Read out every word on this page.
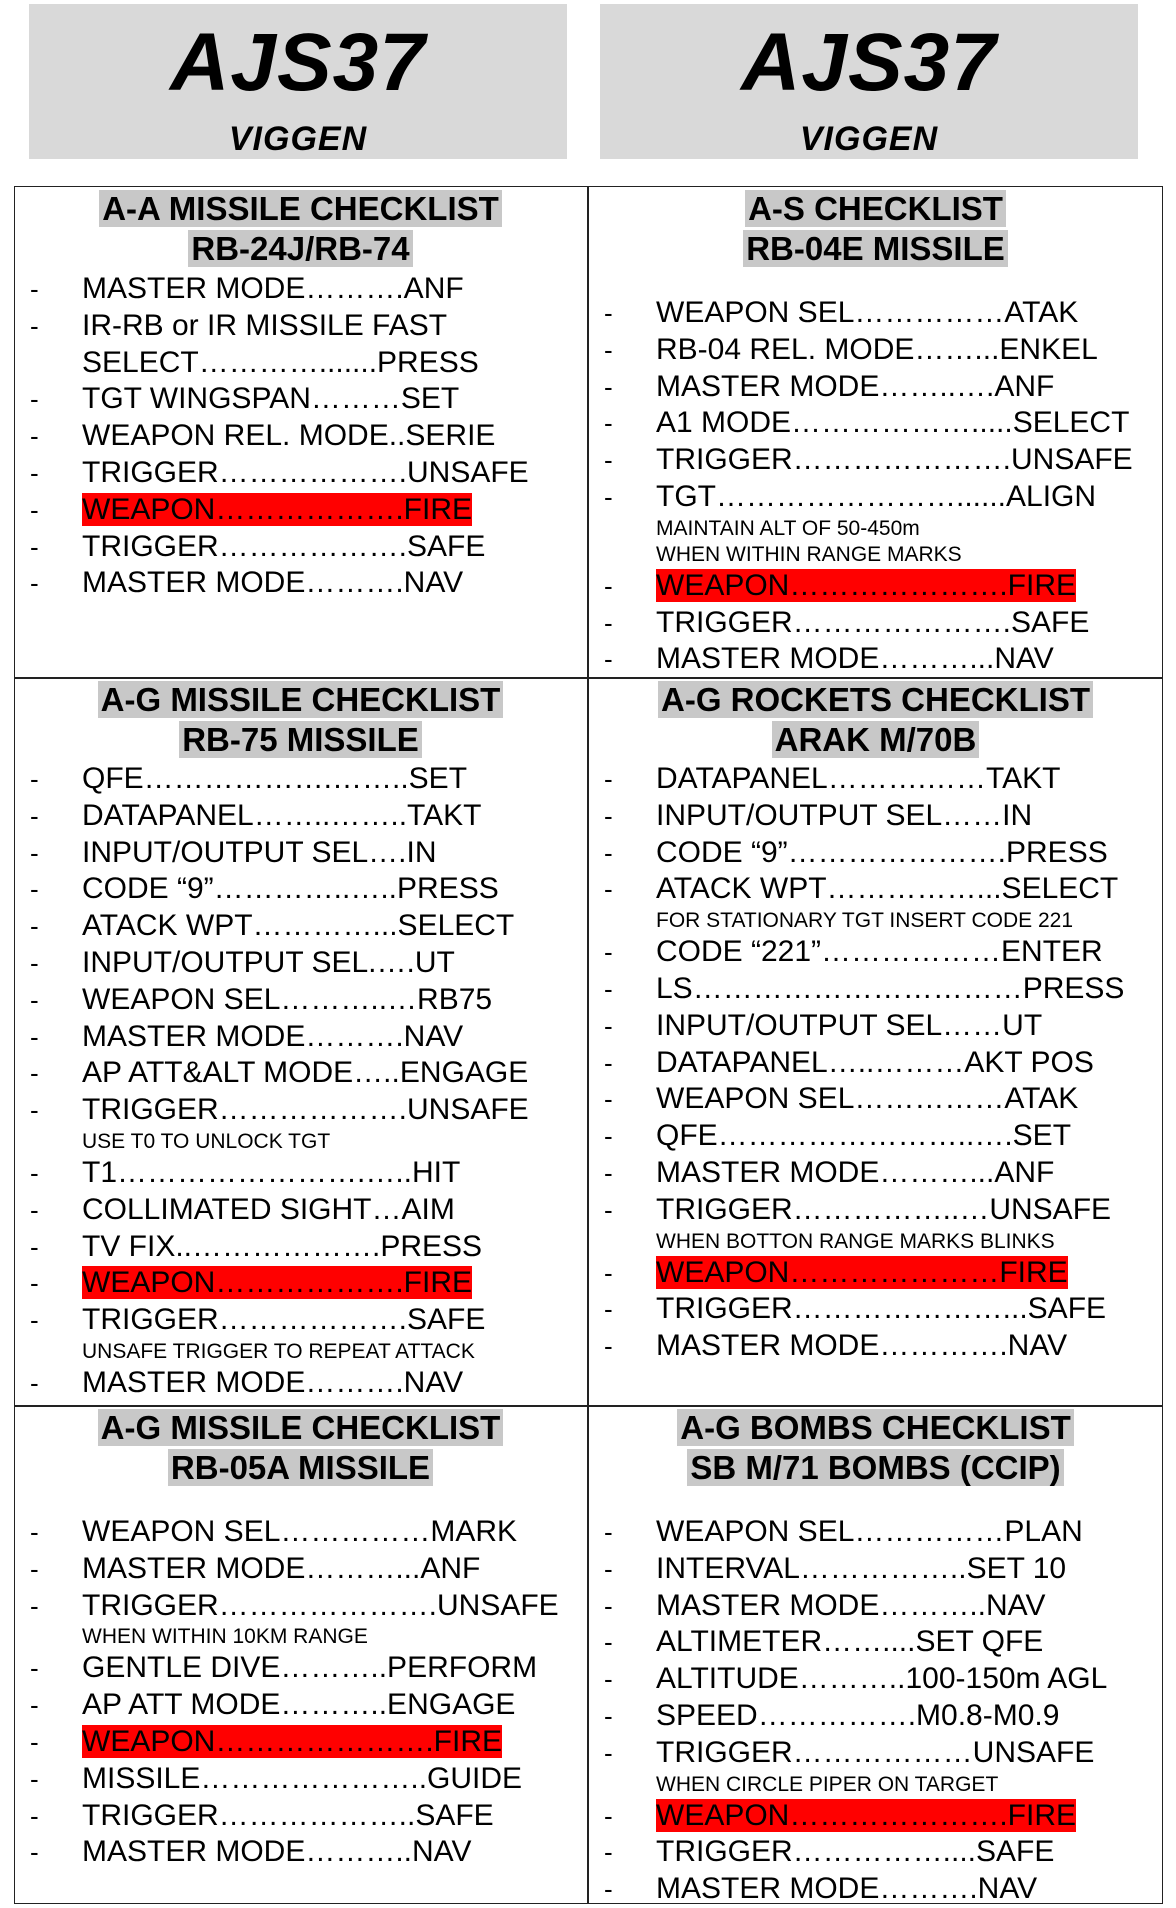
AJS37
VIGGEN
AJS37
VIGGEN
A-A MISSILE CHECKLIST
RB-24J/RB-74
- MASTER MODE……….ANF
- IR-RB or IR MISSILE FAST
SELECT………….......PRESS
- TGT WINGSPAN………SET
- WEAPON REL. MODE..SERIE
- TRIGGER……………….UNSAFE
- WEAPON……………….FIRE
- TRIGGER……………….SAFE
- MASTER MODE……….NAV
A-S CHECKLIST
RB-04E MISSILE
- WEAPON SEL……………ATAK
- RB-04 REL. MODE……...ENKEL
- MASTER MODE……..….ANF
- A1 MODE……………….....SELECT
- TRIGGER………………….UNSAFE
- TGT……………………......ALIGN
MAINTAIN ALT OF 50-450m
WHEN WITHIN RANGE MARKS
- WEAPON………………….FIRE
- TRIGGER………………….SAFE
- MASTER MODE………...NAV
A-G MISSILE CHECKLIST
RB-75 MISSILE
- QFE……………….……..SET
- DATAPANEL……..……..TAKT
- INPUT/OUTPUT SEL….IN
- CODE “9”…………..…..PRESS
- ATACK WPT…………...SELECT
- INPUT/OUTPUT SEL.….UT
- WEAPON SEL………..…RB75
- MASTER MODE……….NAV
- AP ATT&ALT MODE…..ENGAGE
- TRIGGER……………….UNSAFE
USE T0 TO UNLOCK TGT
- T1…………………….…..HIT
- COLLIMATED SIGHT…AIM
- TV FIX..……………….PRESS
- WEAPON……………….FIRE
- TRIGGER……………….SAFE
UNSAFE TRIGGER TO REPEAT ATTACK
- MASTER MODE……….NAV
A-G ROCKETS CHECKLIST
ARAK M/70B
- DATAPANEL……….……TAKT
- INPUT/OUTPUT SEL……IN
- CODE “9”………………….PRESS
- ATACK WPT……………...SELECT
FOR STATIONARY TGT INSERT CODE 221
- CODE “221”………………ENTER
- LS……………………………PRESS
- INPUT/OUTPUT SEL……UT
- DATAPANEL…..………AKT POS
- WEAPON SEL……………ATAK
- QFE……………………..….SET
- MASTER MODE………...ANF
- TRIGGER……………..…UNSAFE
WHEN BOTTON RANGE MARKS BLINKS
- WEAPON…………………FIRE
- TRIGGER…………………...SAFE
- MASTER MODE………….NAV
A-G MISSILE CHECKLIST
RB-05A MISSILE
- WEAPON SEL……………MARK
- MASTER MODE………...ANF
- TRIGGER………………….UNSAFE
WHEN WITHIN 10KM RANGE
- GENTLE DIVE………..PERFORM
- AP ATT MODE………..ENGAGE
- WEAPON………………….FIRE
- MISSILE…………………..GUIDE
- TRIGGER………………..SAFE
- MASTER MODE………..NAV
A-G BOMBS CHECKLIST
SB M/71 BOMBS (CCIP)
- WEAPON SEL……………PLAN
- INTERVAL……………..SET 10
- MASTER MODE………..NAV
- ALTIMETER……....SET QFE
- ALTITUDE………..100-150m AGL
- SPEED…………….M0.8-M0.9
- TRIGGER………………UNSAFE
WHEN CIRCLE PIPER ON TARGET
- WEAPON………………….FIRE
- TRIGGER……………....SAFE
- MASTER MODE……….NAV
